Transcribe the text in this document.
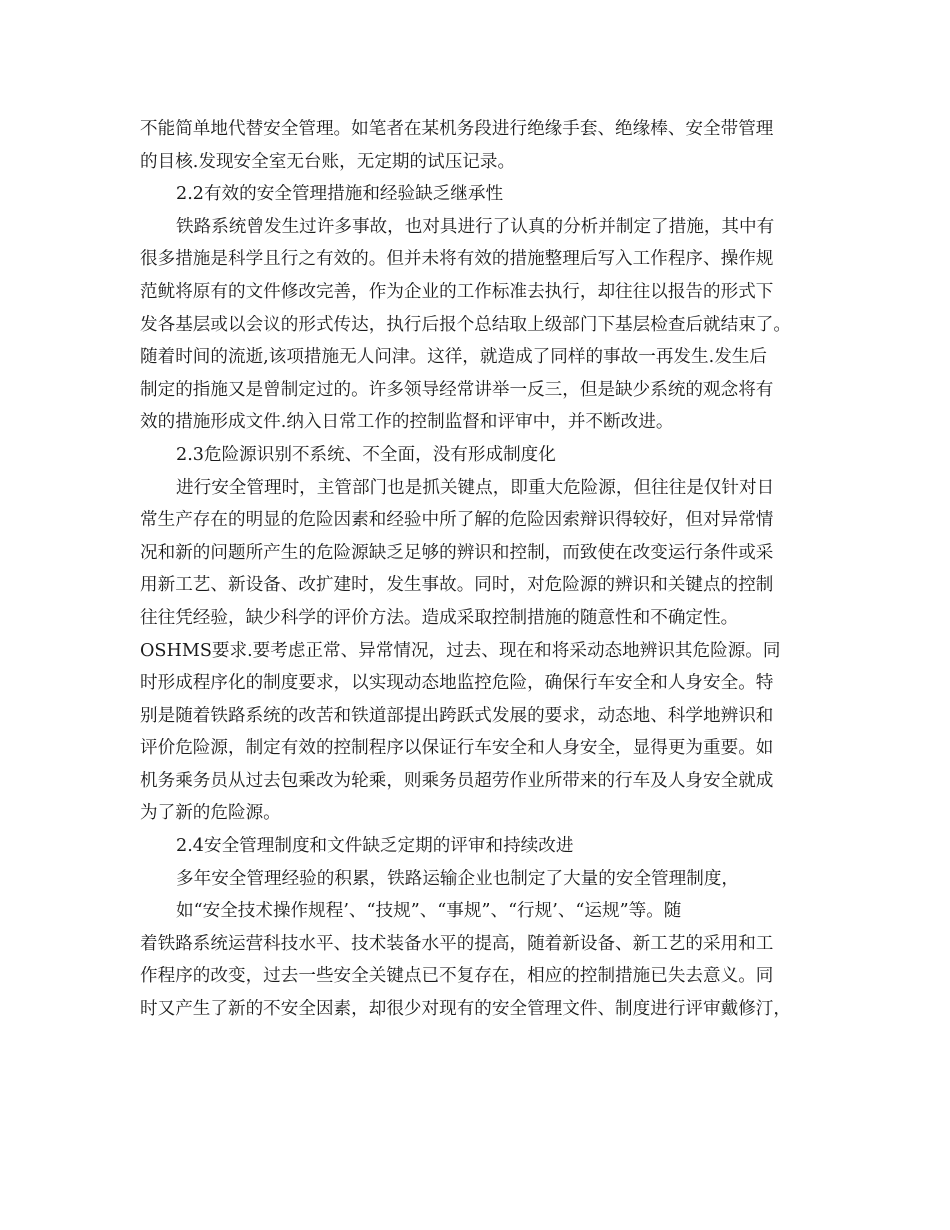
不能简单地代替安全管理。如笔者在某机务段进行绝缘手套、绝缘棒、安全带管理
的目核.发现安全室无台账，无定期的试压记录。
2.2有效的安全管理措施和经验缺乏继承性
铁路系统曾发生过许多事故，也对具进行了认真的分析并制定了措施，其中有
很多措施是科学且行之有效的。但并未将有效的措施整理后写入工作程序、操作规
范鱿将原有的文件修改完善，作为企业的工作标准去执行，却往往以报告的形式下
发各基层或以会议的形式传达，执行后报个总结取上级部门下基层检查后就结束了。
随着时间的流逝,该项措施无人问津。这徉，就造成了同样的事故一再发生.发生后
制定的指施又是曾制定过的。许多领导经常讲举一反三，但是缺少系统的观念将有
效的措施形成文件.纳入日常工作的控制监督和评审中，并不断改进。
2.3危险源识别不系统、不全面，没有形成制度化
进行安全管理时，主管部门也是抓关键点，即重大危险源，但往往是仅针对日
常生产存在的明显的危险因素和经验中所了解的危险因索辩识得较好，但对异常情
况和新的问题所产生的危险源缺乏足够的辨识和控制，而致使在改变运行条件或采
用新工艺、新设备、改扩建时，发生事故。同时，对危险源的辨识和关键点的控制
往往凭经验，缺少科学的评价方法。造成采取控制措施的随意性和不确定性。
OSHMS要求.要考虑正常、异常情况，过去、现在和将采动态地辨识其危险源。同
时形成程序化的制度要求，以实现动态地监控危险，确保行车安全和人身安全。特
别是随着铁路系统的改苦和铁道部提出跨跃式发展的要求，动态地、科学地辨识和
评价危险源，制定有效的控制程序以保证行车安全和人身安全，显得更为重要。如
机务乘务员从过去包乘改为轮乘，则乘务员超劳作业所带来的行车及人身安全就成
为了新的危险源。
2.4安全管理制度和文件缺乏定期的评审和持续改进
多年安全管理经验的积累，铁路运输企业也制定了大量的安全管理制度，
如“安全技术操作规程’、“技规”、“事规”、“行规’、“运规”等。随
着铁路系统运营科技水平、技术装备水平的提高，随着新设备、新工艺的采用和工
作程序的改变，过去一些安全关键点已不复存在，相应的控制措施已失去意义。同
时又产生了新的不安全因素，却很少对现有的安全管理文件、制度进行评审戴修汀，
